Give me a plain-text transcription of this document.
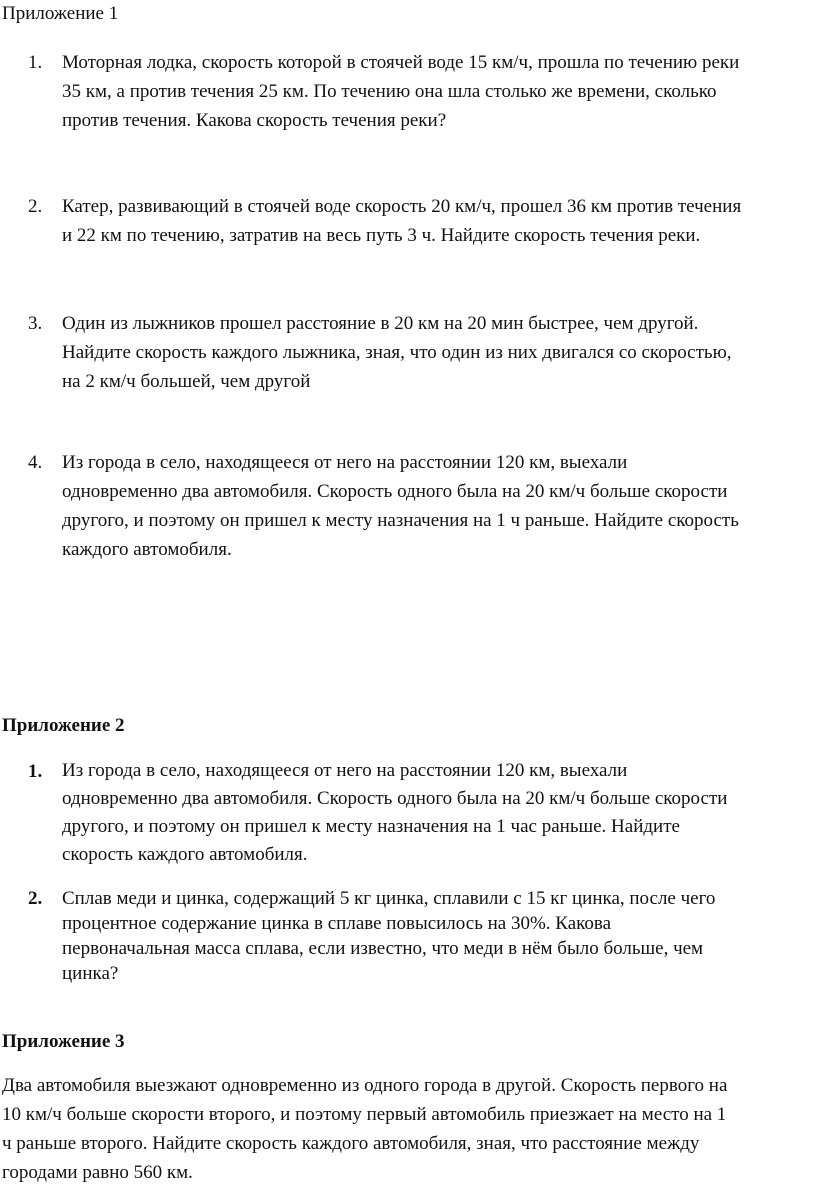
Приложение 1
1. Моторная лодка, скорость которой в стоячей воде 15 км/ч, прошла по течению реки
35 км, а против течения 25 км. По течению она шла столько же времени, сколько
против течения. Какова скорость течения реки?
2. Катер, развивающий в стоячей воде скорость 20 км/ч, прошел 36 км против течения
и 22 км по течению, затратив на весь путь 3 ч. Найдите скорость течения реки.
3. Один из лыжников прошел расстояние в 20 км на 20 мин быстрее, чем другой.
Найдите скорость каждого лыжника, зная, что один из них двигался со скоростью,
на 2 км/ч большей, чем другой
4. Из города в село, находящееся от него на расстоянии 120 км, выехали
одновременно два автомобиля. Скорость одного была на 20 км/ч больше скорости
другого, и поэтому он пришел к месту назначения на 1 ч раньше. Найдите скорость
каждого автомобиля.
Приложение 2
1. Из города в село, находящееся от него на расстоянии 120 км, выехали
одновременно два автомобиля. Скорость одного была на 20 км/ч больше скорости
другого, и поэтому он пришел к месту назначения на 1 час раньше. Найдите
скорость каждого автомобиля.
2. Сплав меди и цинка, содержащий 5 кг цинка, сплавили с 15 кг цинка, после чего
процентное содержание цинка в сплаве повысилось на 30%. Какова
первоначальная масса сплава, если известно, что меди в нём было больше, чем
цинка?
Приложение 3
Два автомобиля выезжают одновременно из одного города в другой. Скорость первого на
10 км/ч больше скорости второго, и поэтому первый автомобиль приезжает на место на 1
ч раньше второго. Найдите скорость каждого автомобиля, зная, что расстояние между
городами равно 560 км.
